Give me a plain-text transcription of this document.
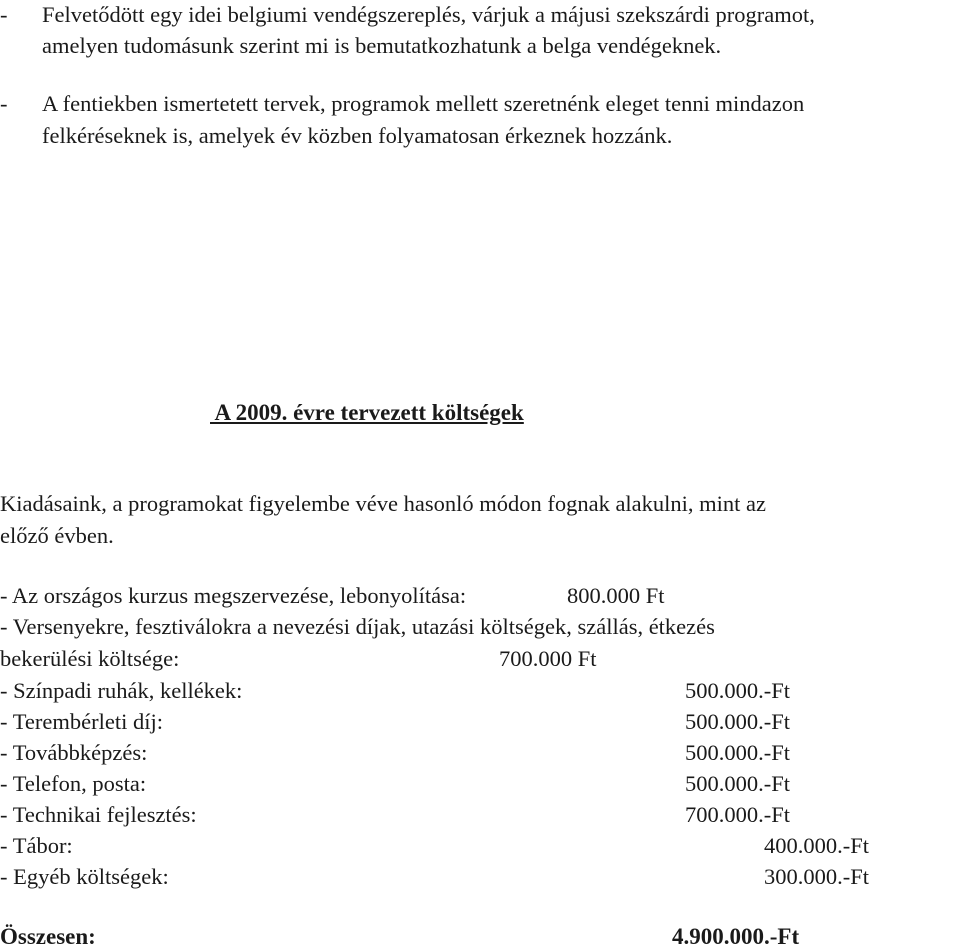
- Felvetődött egy idei belgiumi vendégszereplés, várjuk a májusi szekszárdi programot,
amelyen tudomásunk szerint mi is bemutatkozhatunk a belga vendégeknek.
- A fentiekben ismertetett tervek, programok mellett szeretnénk eleget tenni mindazon
felkéréseknek is, amelyek év közben folyamatosan érkeznek hozzánk.
A 2009. évre tervezett költségek
Kiadásaink, a programokat figyelembe véve hasonló módon fognak alakulni, mint az
előző évben.
- Az országos kurzus megszervezése, lebonyolítása:	800.000 Ft
- Versenyekre, fesztiválokra a nevezési díjak, utazási költségek, szállás, étkezés
bekerülési költsége:	700.000 Ft
- Színpadi ruhák, kellékek:	500.000.-Ft
- Terembérleti díj:	500.000.-Ft
- Továbbképzés:	500.000.-Ft
- Telefon, posta:	500.000.-Ft
- Technikai fejlesztés:	700.000.-Ft
- Tábor:	400.000.-Ft
- Egyéb költségek:	300.000.-Ft
Összesen:	4.900.000.-Ft
